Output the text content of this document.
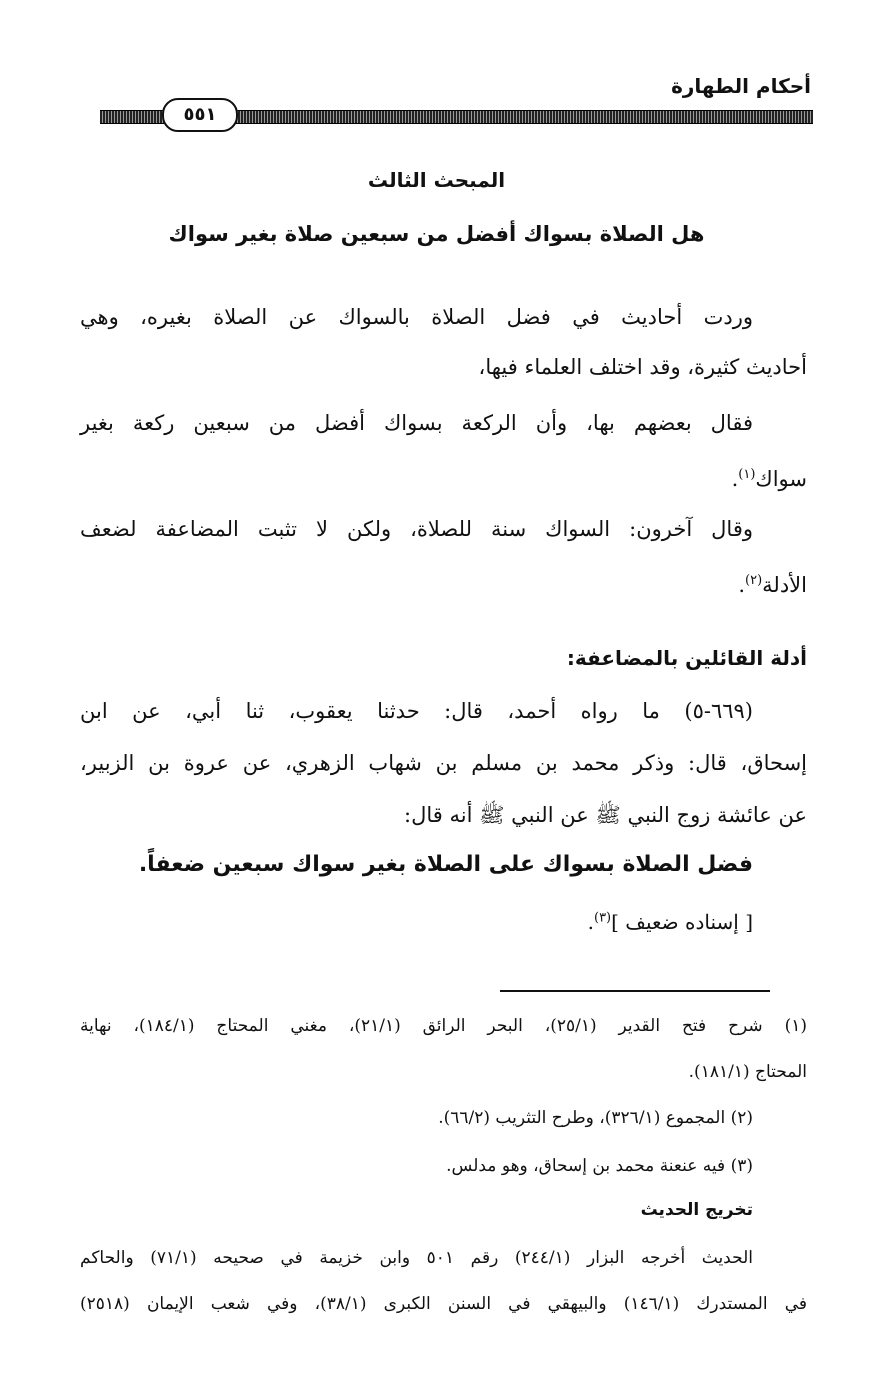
أحكام الطهارة
٥٥١
المبحث الثالث
هل الصلاة بسواك أفضل من سبعين صلاة بغير سواك
وردت أحاديث في فضل الصلاة بالسواك عن الصلاة بغيره، وهي
أحاديث كثيرة، وقد اختلف العلماء فيها،
فقال بعضهم بها، وأن الركعة بسواك أفضل من سبعين ركعة بغير
سواك$^{(١)}$.
وقال آخرون: السواك سنة للصلاة، ولكن لا تثبت المضاعفة لضعف
الأدلة$^{(٢)}$.
أدلة القائلين بالمضاعفة:
(٦٦٩-٥) ما رواه أحمد، قال: حدثنا يعقوب، ثنا أبي، عن ابن
إسحاق، قال: وذكر محمد بن مسلم بن شهاب الزهري، عن عروة بن الزبير،
عن عائشة زوج النبي ﷺ عن النبي ﷺ أنه قال:
فضل الصلاة بسواك على الصلاة بغير سواك سبعين ضعفاً.
[ إسناده ضعيف ]$^{(٣)}$.
(١) شرح فتح القدير (٢٥/١)، البحر الرائق (٢١/١)، مغني المحتاج (١٨٤/١)، نهاية
المحتاج (١٨١/١).
(٢) المجموع (٣٢٦/١)، وطرح التثريب (٦٦/٢).
(٣) فيه عنعنة محمد بن إسحاق، وهو مدلس.
تخريج الحديث
الحديث أخرجه البزار (٢٤٤/١) رقم ٥٠١ وابن خزيمة في صحيحه (٧١/١) والحاكم
في المستدرك (١٤٦/١) والبيهقي في السنن الكبرى (٣٨/١)، وفي شعب الإيمان (٢٥١٨)
